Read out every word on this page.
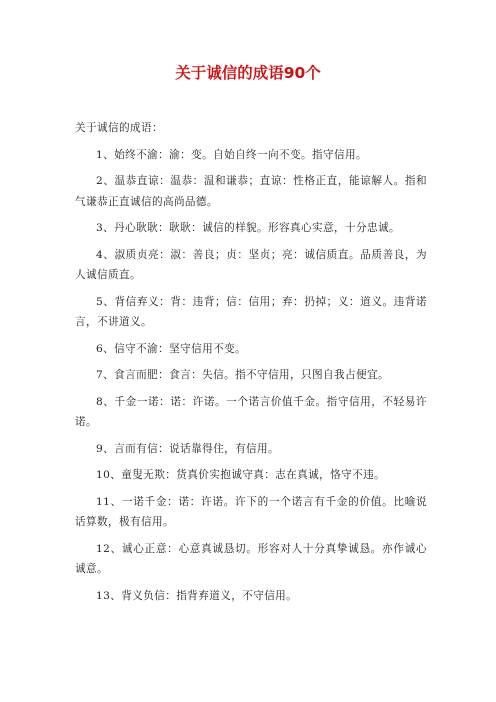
关于诚信的成语90个

关于诚信的成语：

1、始终不渝：渝：变。自始自终一向不变。指守信用。

2、温恭直谅：温恭：温和谦恭；直谅：性格正直，能谅解人。指和气谦恭正直诚信的高尚品德。

3、丹心耿耿：耿耿：诚信的样貌。形容真心实意，十分忠诚。

4、淑质贞亮：淑：善良；贞：坚贞；亮：诚信质直。品质善良，为人诚信质直。

5、背信弃义：背：违背；信：信用；弃：扔掉；义：道义。违背诺言，不讲道义。

6、信守不渝：坚守信用不变。

7、食言而肥：食言：失信。指不守信用，只图自我占便宜。

8、千金一诺：诺：许诺。一个诺言价值千金。指守信用，不轻易许诺。

9、言而有信：说话靠得住，有信用。

10、童叟无欺：货真价实抱诚守真：志在真诚，恪守不违。

11、一诺千金：诺：许诺。许下的一个诺言有千金的价值。比喻说话算数，极有信用。

12、诚心正意：心意真诚恳切。形容对人十分真挚诚恳。亦作诚心诚意。

13、背义负信：指背弃道义，不守信用。
